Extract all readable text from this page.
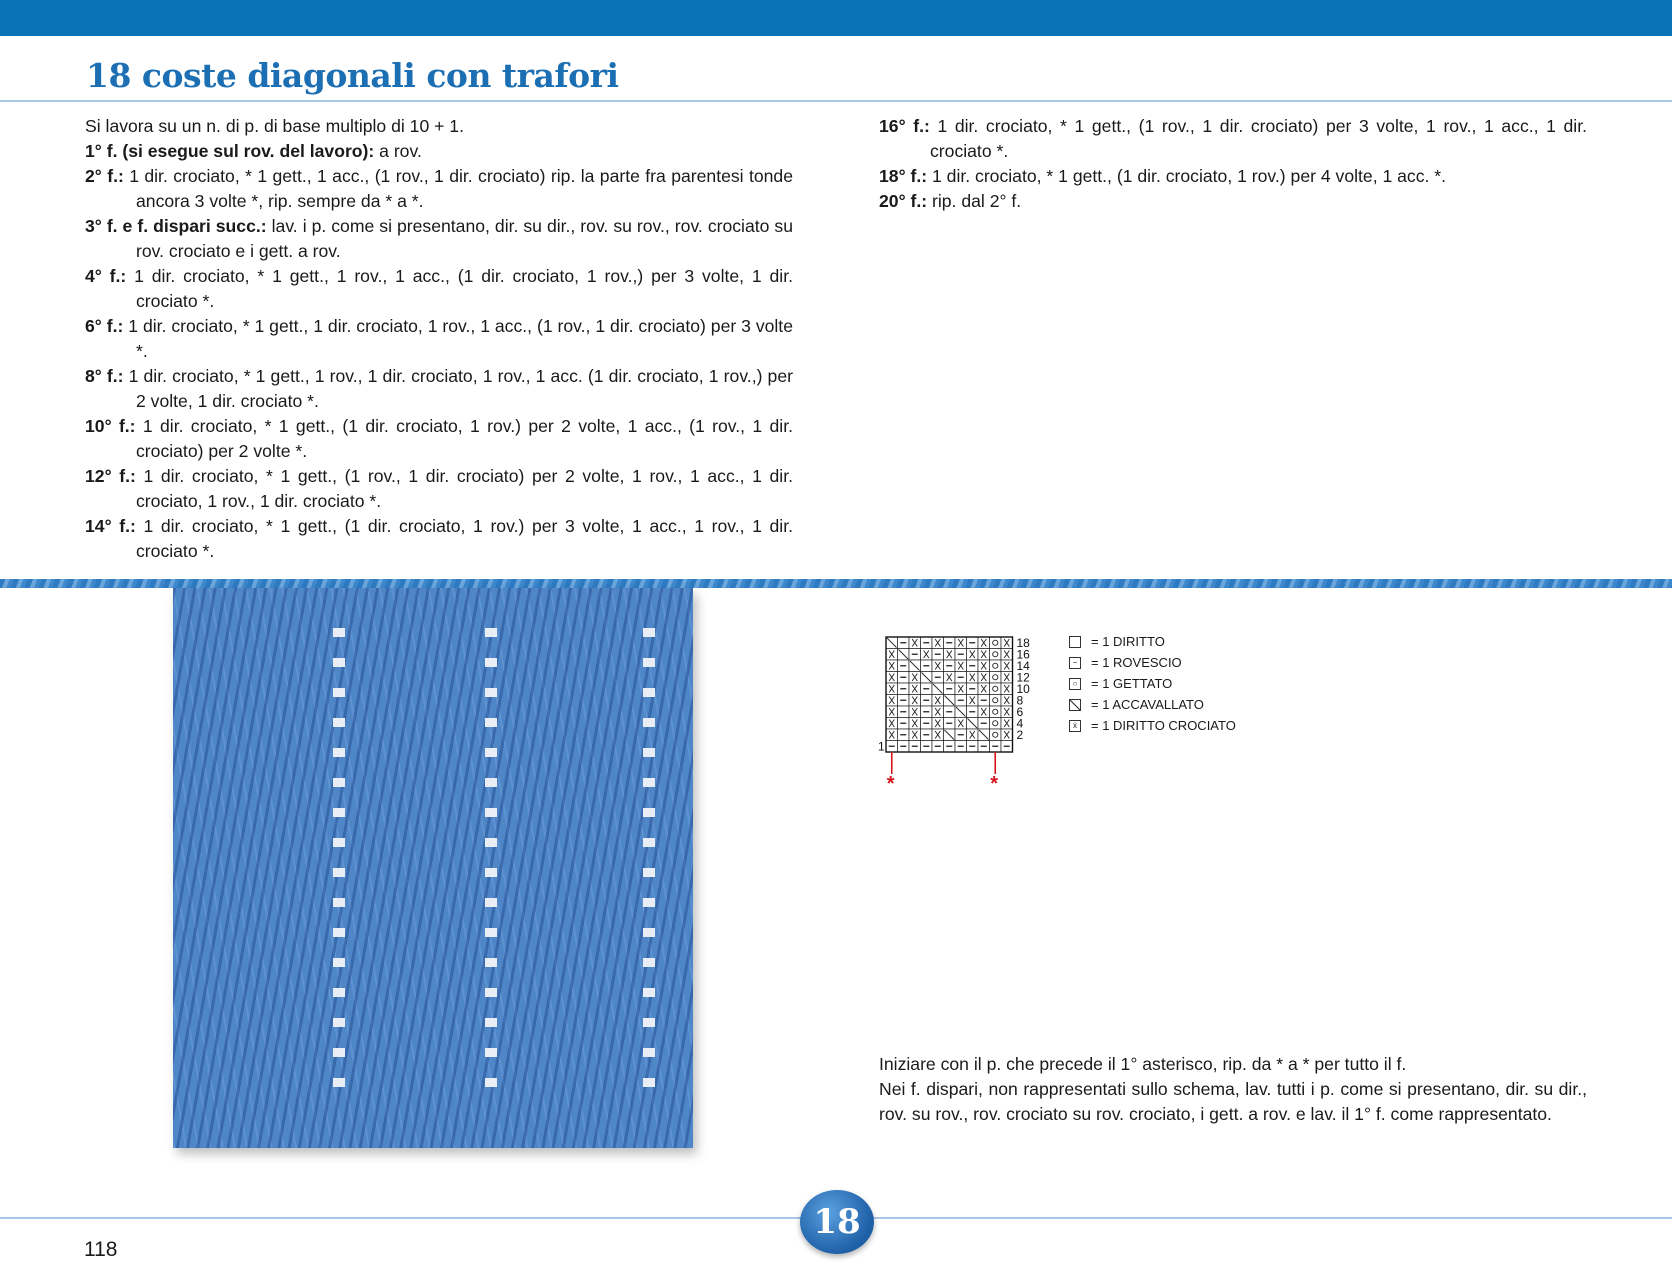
18 coste diagonali con trafori

Si lavora su un n. di p. di base multiplo di 10 + 1.

1° f. (si esegue sul rov. del lavoro): a rov.

2° f.: 1 dir. crociato, * 1 gett., 1 acc., (1 rov., 1 dir. crociato) rip. la parte fra parentesi tonde ancora 3 volte *, rip. sempre da * a *.

3° f. e f. dispari succ.: lav. i p. come si presentano, dir. su dir., rov. su rov., rov. crociato su rov. crociato e i gett. a rov.

4° f.: 1 dir. crociato, * 1 gett., 1 rov., 1 acc., (1 dir. crociato, 1 rov.,) per 3 volte, 1 dir. crociato *.

6° f.: 1 dir. crociato, * 1 gett., 1 dir. crociato, 1 rov., 1 acc., (1 rov., 1 dir. crociato) per 3 volte *.

8° f.: 1 dir. crociato, * 1 gett., 1 rov., 1 dir. crociato, 1 rov., 1 acc. (1 dir. crociato, 1 rov.,) per 2 volte, 1 dir. crociato *.

10° f.: 1 dir. crociato, * 1 gett., (1 dir. crociato, 1 rov.) per 2 volte, 1 acc., (1 rov., 1 dir. crociato) per 2 volte *.

12° f.: 1 dir. crociato, * 1 gett., (1 rov., 1 dir. crociato) per 2 volte, 1 rov., 1 acc., 1 dir. crociato, 1 rov., 1 dir. crociato *.

14° f.: 1 dir. crociato, * 1 gett., (1 dir. crociato, 1 rov.) per 3 volte, 1 acc., 1 rov., 1 dir. crociato *.

16° f.: 1 dir. crociato, * 1 gett., (1 rov., 1 dir. crociato) per 3 volte, 1 rov., 1 acc., 1 dir. crociato *.

18° f.: 1 dir. crociato, * 1 gett., (1 dir. crociato, 1 rov.) per 4 volte, 1 acc. *.

20° f.: rip. dal 2° f.

18
16
14
12
10
8
6
4
2
1
*	*
= 1 DIRITTO
− = 1 ROVESCIO
○ = 1 GETTATO
= 1 ACCAVALLATO
ẋ	= 1 DIRITTO CROCIATO

Iniziare con il p. che precede il 1° asterisco, rip. da * a * per tutto il f.

Nei f. dispari, non rappresentati sullo schema, lav. tutti i p. come si presentano, dir. su dir., rov. su rov., rov. crociato su rov. crociato, i gett. a rov. e lav. il 1° f. come rappresentato.

18
118
